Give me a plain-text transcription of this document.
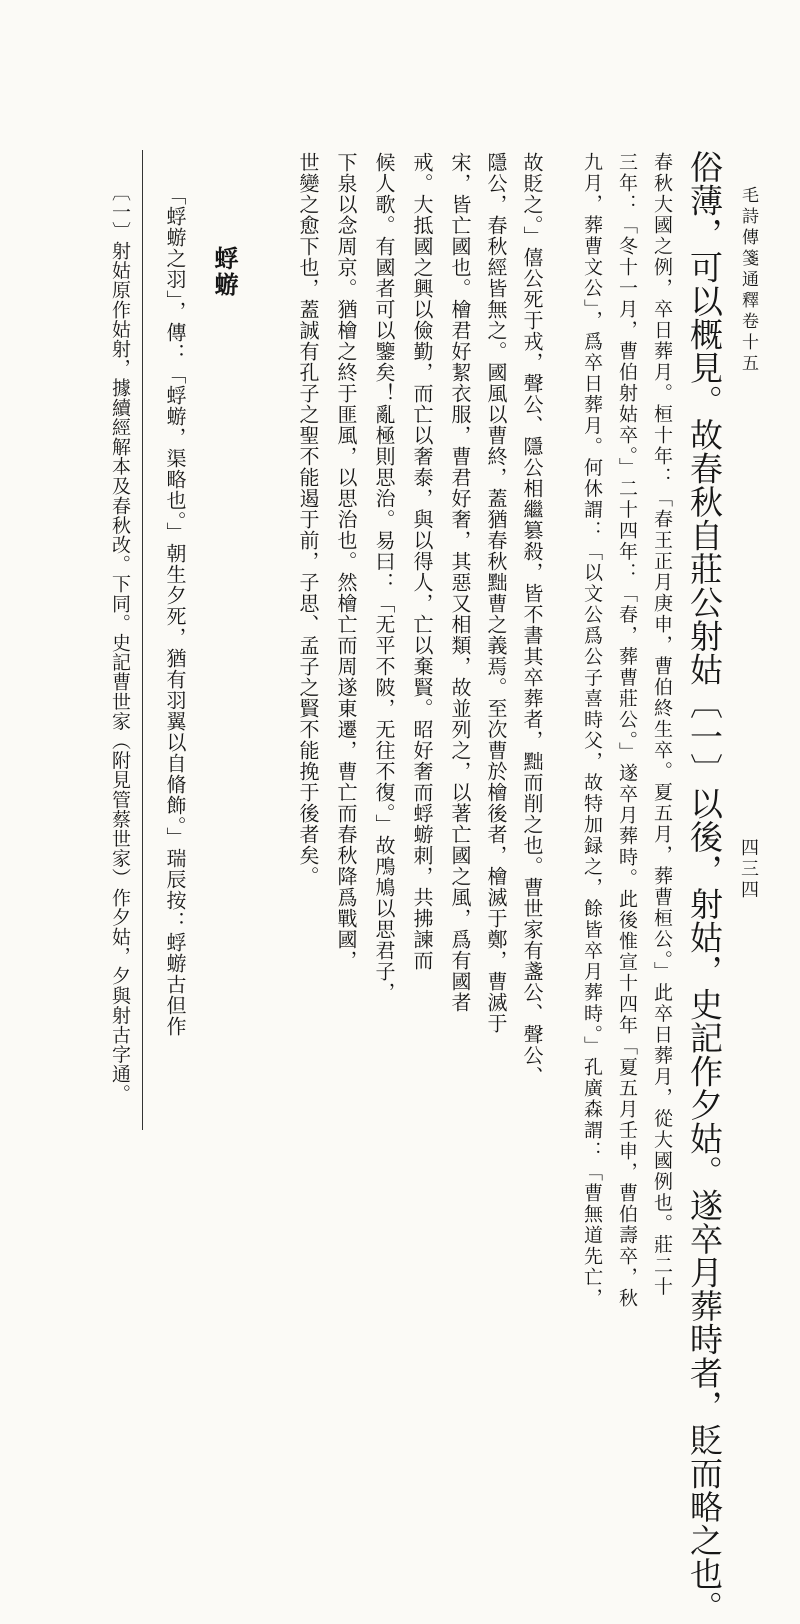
毛詩傳箋通釋卷十五
四三四
俗薄，可以概見。故春秋自莊公射姑〔一〕以後，射姑，史記作夕姑。遂卒月葬時者，貶而略之也。
春秋大國之例，卒日葬月。桓十年：「春王正月庚申，曹伯終生卒。夏五月，葬曹桓公。」此卒日葬月，從大國例也。莊二十
三年：「冬十一月，曹伯射姑卒。」二十四年：「春，葬曹莊公。」遂卒月葬時。此後惟宣十四年「夏五月壬申，曹伯壽卒，秋
九月，葬曹文公」，爲卒日葬月。何休謂：「以文公爲公子喜時父，故特加録之，餘皆卒月葬時。」孔廣森謂：「曹無道先亡，
故貶之。」僖公死于戎，聲公、隱公相繼篡殺，皆不書其卒葬者，黜而削之也。曹世家有盞公、聲公、
隱公，春秋經皆無之。國風以曹終，蓋猶春秋黜曹之義焉。至次曹於檜後者，檜滅于鄭，曹滅于
宋，皆亡國也。檜君好絜衣服，曹君好奢，其惡又相類，故並列之，以著亡國之風，爲有國者
戒。大抵國之興以儉勤，而亡以奢泰，與以得人，亡以棄賢。昭好奢而蜉蝣刺，共拂諫而
候人歌。有國者可以鑒矣！亂極則思治。易曰：「无平不陂，无往不復。」故鳲鳩以思君子，
下泉以念周京。猶檜之終于匪風，以思治也。然檜亡而周遂東遷，曹亡而春秋降爲戰國，
世變之愈下也，蓋誠有孔子之聖不能遏于前，子思、孟子之賢不能挽于後者矣。
蜉蝣
「蜉蝣之羽」，傳：「蜉蝣，渠略也。」朝生夕死，猶有羽翼以自脩飾。」瑞辰按：蜉蝣古但作
〔一〕射姑原作姑射，據續經解本及春秋改。下同。史記曹世家（附見管蔡世家）作夕姑，夕與射古字通。
